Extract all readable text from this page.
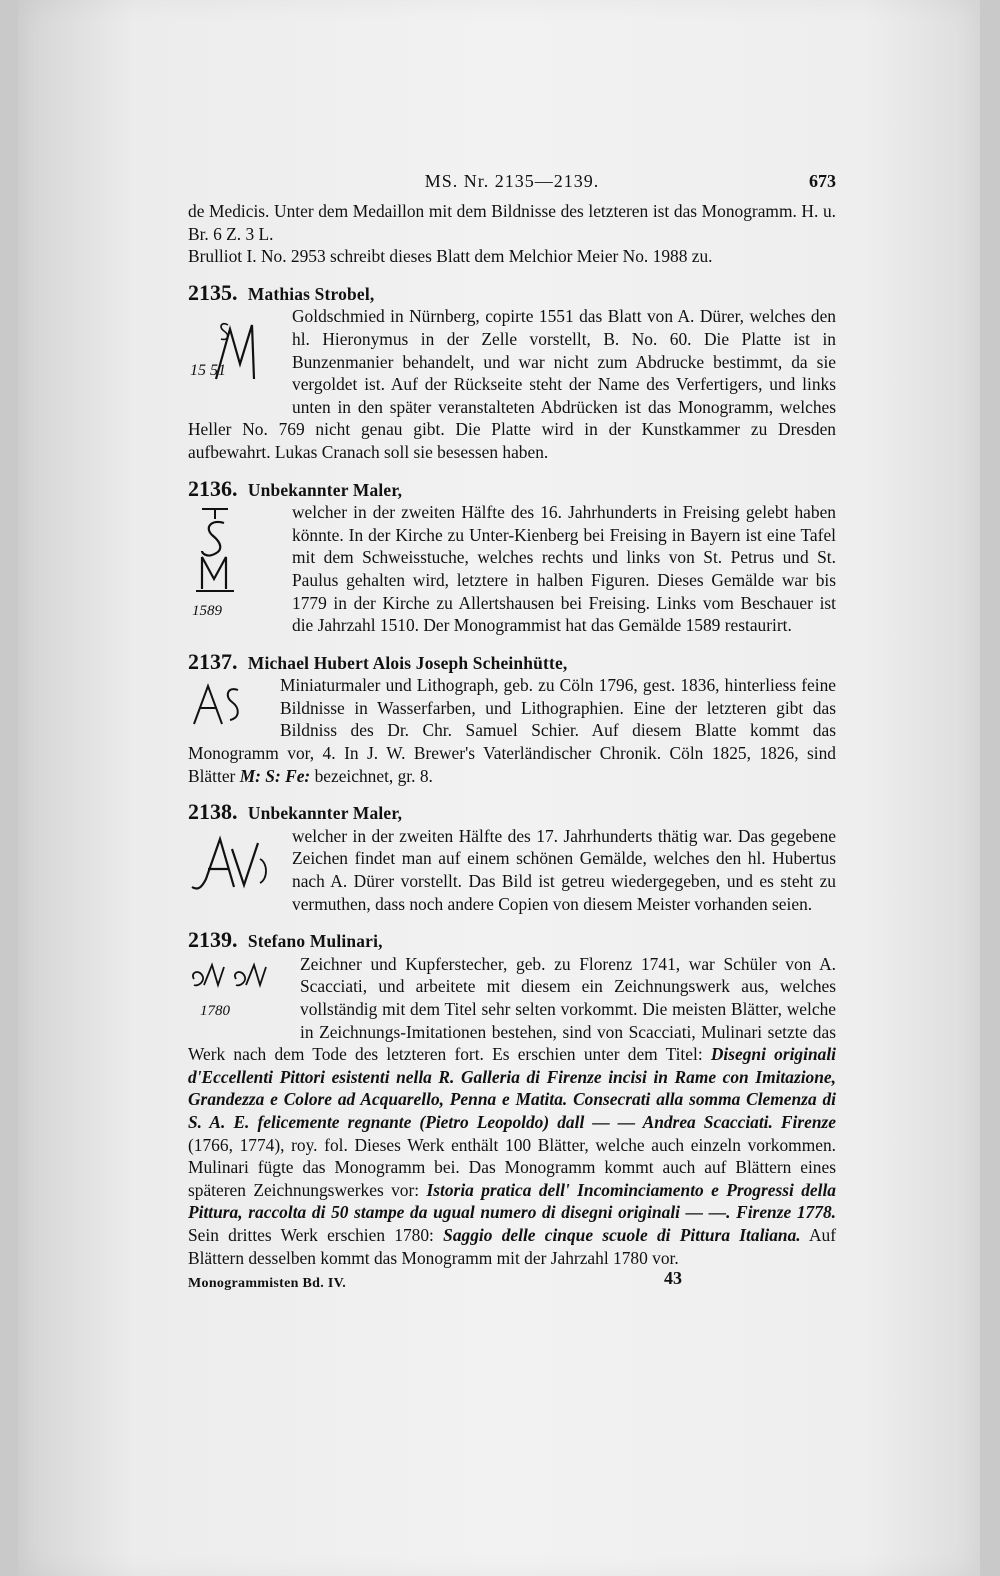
MS. Nr. 2135—2139.	673

de Medicis. Unter dem Medaillon mit dem Bildnisse des letzteren ist das Monogramm. H. u. Br. 6 Z. 3 L.

Brulliot I. No. 2953 schreibt dieses Blatt dem Melchior Meier No. 1988 zu.

2135. Mathias Strobel,

15 51

Goldschmied in Nürnberg, copirte 1551 das Blatt von A. Dürer, welches den hl. Hieronymus in der Zelle vorstellt, B. No. 60. Die Platte ist in Bunzenmanier behandelt, und war nicht zum Abdrucke bestimmt, da sie vergoldet ist. Auf der Rückseite steht der Name des Verfertigers, und links unten in den später veranstalteten Abdrücken ist das Monogramm, welches Heller No. 769 nicht genau gibt. Die Platte wird in der Kunstkammer zu Dresden aufbewahrt. Lukas Cranach soll sie besessen haben.

2136. Unbekannter Maler,

1589

welcher in der zweiten Hälfte des 16. Jahrhunderts in Freising gelebt haben könnte. In der Kirche zu Unter-Kienberg bei Freising in Bayern ist eine Tafel mit dem Schweisstuche, welches rechts und links von St. Petrus und St. Paulus gehalten wird, letztere in halben Figuren. Dieses Gemälde war bis 1779 in der Kirche zu Allertshausen bei Freising. Links vom Beschauer ist die Jahrzahl 1510. Der Monogrammist hat das Gemälde 1589 restaurirt.

2137. Michael Hubert Alois Joseph Scheinhütte,

Miniaturmaler und Lithograph, geb. zu Cöln 1796, gest. 1836, hinterliess feine Bildnisse in Wasserfarben, und Lithographien. Eine der letzteren gibt das Bildniss des Dr. Chr. Samuel Schier. Auf diesem Blatte kommt das Monogramm vor, 4. In J. W. Brewer's Vaterländischer Chronik. Cöln 1825, 1826, sind Blätter M: S: Fe: bezeichnet, gr. 8.

2138. Unbekannter Maler,

welcher in der zweiten Hälfte des 17. Jahrhunderts thätig war. Das gegebene Zeichen findet man auf einem schönen Gemälde, welches den hl. Hubertus nach A. Dürer vorstellt. Das Bild ist getreu wiedergegeben, und es steht zu vermuthen, dass noch andere Copien von diesem Meister vorhanden seien.

2139. Stefano Mulinari,

1780

Zeichner und Kupferstecher, geb. zu Florenz 1741, war Schüler von A. Scacciati, und arbeitete mit diesem ein Zeichnungswerk aus, welches vollständig mit dem Titel sehr selten vorkommt. Die meisten Blätter, welche in Zeichnungs-Imitationen bestehen, sind von Scacciati, Mulinari setzte das Werk nach dem Tode des letzteren fort. Es erschien unter dem Titel: Disegni originali d'Eccellenti Pittori esistenti nella R. Galleria di Firenze incisi in Rame con Imitazione, Grandezza e Colore ad Acquarello, Penna e Matita. Consecrati alla somma Clemenza di S. A. E. felicemente regnante (Pietro Leopoldo) dall — — Andrea Scacciati. Firenze (1766, 1774), roy. fol. Dieses Werk enthält 100 Blätter, welche auch einzeln vorkommen. Mulinari fügte das Monogramm bei. Das Monogramm kommt auch auf Blättern eines späteren Zeichnungswerkes vor: Istoria pratica dell' Incominciamento e Progressi della Pittura, raccolta di 50 stampe da ugual numero di disegni originali — —. Firenze 1778. Sein drittes Werk erschien 1780: Saggio delle cinque scuole di Pittura Italiana. Auf Blättern desselben kommt das Monogramm mit der Jahrzahl 1780 vor.

Monogrammisten Bd. IV.	43
